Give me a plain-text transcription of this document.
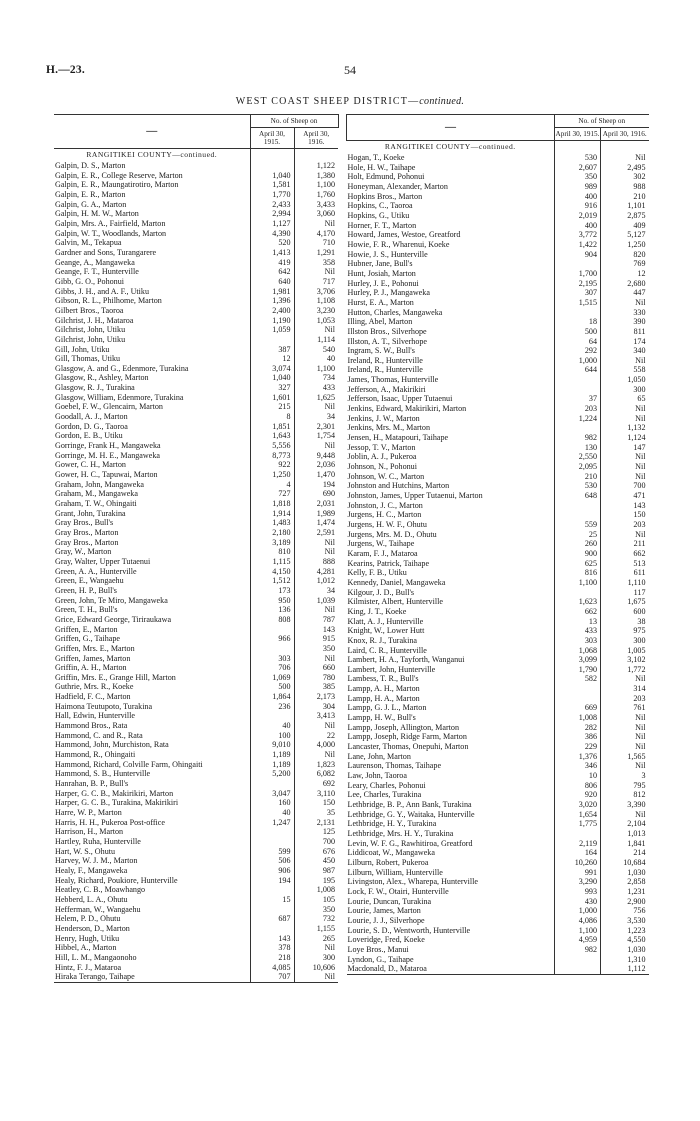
H.—23.	54
WEST COAST SHEEP DISTRICT—continued.
—	No. of Sheep on	
	April 30, 1915.	April 30, 1916.
RANGITIKEI COUNTY—continued.		
Galpin, D. S., Marton		1,122
Galpin, E. R., College Reserve, Marton	1,040	1,380
Galpin, E. R., Maungatirotiro, Marton	1,581	1,100
Galpin, E. R., Marton	1,770	1,760
Galpin, G. A., Marton	2,433	3,433
Galpin, H. M. W., Marton	2,994	3,060
Galpin, Mrs. A., Fairfield, Marton	1,127	Nil
Galpin, W. T., Woodlands, Marton	4,390	4,170
Galvin, M., Tekapua	520	710
Gardner and Sons, Turangarere	1,413	1,291
Geange, A., Mangaweka	419	358
Geange, F. T., Hunterville	642	Nil
Gibb, G. O., Pohonui	640	717
Gibbs, J. H., and A. F., Utiku	1,981	3,706
Gibson, R. L., Philhome, Marton	1,396	1,108
Gilbert Bros., Taoroa	2,400	3,230
Gilchrist, J. H., Mataroa	1,190	1,053
Gilchrist, John, Utiku	1,059	Nil
Gilchrist, John, Utiku		1,114
Gill, John, Utiku	387	540
Gill, Thomas, Utiku	12	40
Glasgow, A. and G., Edenmore, Turakina	3,074	1,100
Glasgow, R., Ashley, Marton	1,040	734
Glasgow, R. J., Turakina	327	433
Glasgow, William, Edenmore, Turakina	1,601	1,625
Goebel, F. W., Glencairn, Marton	215	Nil
Goodall, A. J., Marton	8	34
Gordon, D. G., Taoroa	1,851	2,301
Gordon, E. B., Utiku	1,643	1,754
Gorringe, Frank H., Mangaweka	5,556	Nil
Gorringe, M. H. E., Mangaweka	8,773	9,448
Gower, C. H., Marton	922	2,036
Gower, H. C., Tapuwai, Marton	1,250	1,470
Graham, John, Mangaweka	4	194
Graham, M., Mangaweka	727	690
Graham, T. W., Ohingaiti	1,818	2,031
Grant, John, Turakina	1,914	1,989
Gray Bros., Bull's	1,483	1,474
Gray Bros., Marton	2,180	2,591
Gray Bros., Marton	3,189	Nil
Gray, W., Marton	810	Nil
Gray, Walter, Upper Tutaenui	1,115	888
Green, A. A., Hunterville	4,150	4,281
Green, E., Wangaehu	1,512	1,012
Green, H. P., Bull's	173	34
Green, John, Te Miro, Mangaweka	950	1,039
Green, T. H., Bull's	136	Nil
Grice, Edward George, Tiriraukawa	808	787
Griffen, E., Marton		143
Griffen, G., Taihape	966	915
Griffen, Mrs. E., Marton		350
Griffen, James, Marton	303	Nil
Griffin, A. H., Marton	706	660
Griffin, Mrs. E., Grange Hill, Marton	1,069	780
Guthrie, Mrs. R., Koeke	500	385
Hadfield, F. C., Marton	1,864	2,173
Haimona Teutupoto, Turakina	236	304
Hall, Edwin, Hunterville		3,413
Hammond Bros., Rata	40	Nil
Hammond, C. and R., Rata	100	22
Hammond, John, Murchiston, Rata	9,010	4,000
Hammond, R., Ohingaiti	1,189	Nil
Hammond, Richard, Colville Farm, Ohingaiti	1,189	1,823
Hammond, S. B., Hunterville	5,200	6,082
Hanrahan, B. P., Bull's		692
Harper, G. C. B., Makirikiri, Marton	3,047	3,110
Harper, G. C. B., Turakina, Makirikiri	160	150
Harre, W. P., Marton	40	35
Harris, H. H., Pukeroa Post-office	1,247	2,131
Harrison, H., Marton		125
Hartley, Ruha, Hunterville		700
Hart, W. S., Ohutu	599	676
Harvey, W. J. M., Marton	506	450
Healy, F., Mangaweka	906	987
Healy, Richard, Poukiore, Hunterville	194	195
Heatley, C. B., Moawhango		1,008
Hebberd, L. A., Ohutu	15	105
Hefferman, W., Wangaehu		350
Helem, P. D., Ohutu	687	732
Henderson, D., Marton		1,155
Henry, Hugh, Utiku	143	265
Hibbel, A., Marton	378	Nil
Hill, L. M., Mangaonoho	218	300
Hintz, F. J., Mataroa	4,085	10,606
Hiraka Terango, Taihape	707	Nil
—	No. of Sheep on	
	April 30, 1915.	April 30, 1916.
RANGITIKEI COUNTY—continued.		
Hogan, T., Koeke	530	Nil
Hole, H. W., Taihape	2,607	2,495
Holt, Edmund, Pohonui	350	302
Honeyman, Alexander, Marton	989	988
Hopkins Bros., Marton	400	210
Hopkins, C., Taoroa	916	1,101
Hopkins, G., Utiku	2,019	2,875
Horner, F. T., Marton	400	409
Howard, James, Westoe, Greatford	3,772	5,127
Howie, F. R., Wharenui, Koeke	1,422	1,250
Howie, J. S., Hunterville	904	820
Hubner, Jane, Bull's		769
Hunt, Josiah, Marton	1,700	12
Hurley, J. E., Pohonui	2,195	2,680
Hurley, P. J., Mangaweka	307	447
Hurst, E. A., Marton	1,515	Nil
Hutton, Charles, Mangaweka		330
Illing, Abel, Marton	18	390
Illston Bros., Silverhope	500	811
Illston, A. T., Silverhope	64	174
Ingram, S. W., Bull's	292	340
Ireland, R., Hunterville	1,000	Nil
Ireland, R., Hunterville	644	558
James, Thomas, Hunterville		1,050
Jefferson, A., Makirikiri		300
Jefferson, Isaac, Upper Tutaenui	37	65
Jenkins, Edward, Makirikiri, Marton	203	Nil
Jenkins, J. W., Marton	1,224	Nil
Jenkins, Mrs. M., Marton		1,132
Jensen, H., Matapouri, Taihape	982	1,124
Jessop, T. V., Marton	130	147
Joblin, A. J., Pukeroa	2,550	Nil
Johnson, N., Pohonui	2,095	Nil
Johnson, W. C., Marton	210	Nil
Johnston and Hutchins, Marton	530	700
Johnston, James, Upper Tutaenui, Marton	648	471
Johnston, J. C., Marton		143
Jurgens, H. C., Marton		150
Jurgens, H. W. F., Ohutu	559	203
Jurgens, Mrs. M. D., Ohutu	25	Nil
Jurgens, W., Taihape	260	211
Karam, F. J., Mataroa	900	662
Kearins, Patrick, Taihape	625	513
Kelly, F. B., Utiku	816	611
Kennedy, Daniel, Mangaweka	1,100	1,110
Kilgour, J. D., Bull's		117
Kilmister, Albert, Hunterville	1,623	1,675
King, J. T., Koeke	662	600
Klatt, A. J., Hunterville	13	38
Knight, W., Lower Hutt	433	975
Knox, R. J., Turakina	303	300
Laird, C. R., Hunterville	1,068	1,005
Lambert, H. A., Tayforth, Wanganui	3,099	3,102
Lambert, John, Hunterville	1,790	1,772
Lambess, T. R., Bull's	582	Nil
Lampp, A. H., Marton		314
Lampp, H. A., Marton		203
Lampp, G. J. L., Marton	669	761
Lampp, H. W., Bull's	1,008	Nil
Lampp, Joseph, Allington, Marton	282	Nil
Lampp, Joseph, Ridge Farm, Marton	386	Nil
Lancaster, Thomas, Onepuhi, Marton	229	Nil
Lane, John, Marton	1,376	1,565
Laurenson, Thomas, Taihape	346	Nil
Law, John, Taoroa	10	3
Leary, Charles, Pohonui	806	795
Lee, Charles, Turakina	920	812
Lethbridge, B. P., Ann Bank, Turakina	3,020	3,390
Lethbridge, G. Y., Waitaka, Hunterville	1,654	Nil
Lethbridge, H. Y., Turakina	1,775	2,104
Lethbridge, Mrs. H. Y., Turakina		1,013
Levin, W. F. G., Rawhitiroa, Greatford	2,119	1,841
Liddicoat, W., Mangaweka	164	214
Lilburn, Robert, Pukeroa	10,260	10,684
Lilburn, William, Hunterville	991	1,030
Livingston, Alex., Wharepa, Hunterville	3,290	2,858
Lock, F. W., Otairi, Hunterville	993	1,231
Lourie, Duncan, Turakina	430	2,900
Lourie, James, Marton	1,000	756
Lourie, J. J., Silverhope	4,086	3,530
Lourie, S. D., Wentworth, Hunterville	1,100	1,223
Loveridge, Fred, Koeke	4,959	4,550
Loye Bros., Manui	982	1,030
Lyndon, G., Taihape		1,310
Macdonald, D., Mataroa		1,112
